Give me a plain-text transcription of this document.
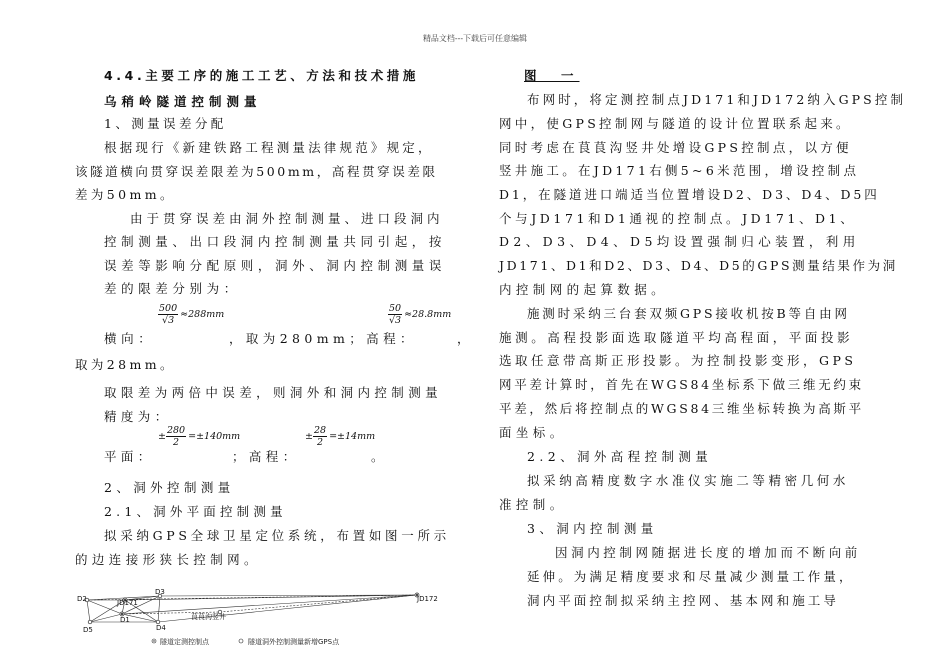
精品文档---下载后可任意编辑
4.4.主要工序的施工工艺、方法和技术措施
乌稍岭隧道控制测量
1、测量误差分配
根据现行《新建铁路工程测量法律规范》规定，
该隧道横向贯穿误差限差为500mm，高程贯穿误差限
差为50mm。
由于贯穿误差由洞外控制测量、进口段洞内
控制测量、出口段洞内控制测量共同引起，按
误差等影响分配原则，洞外、洞内控制测量误
差的限差分别为：
$\frac{500}{√3} \approx 288mm$	$\frac{50}{√3} \approx 28.8mm$
横向：	，取为280mm；高程：	，
取为28mm。
取限差为两倍中误差，则洞外和洞内控制测量
精度为：
± $\frac{280}{2} =\pm 140mm$	± $\frac{28}{2} =\pm 14mm$
平面：	；高程：	。
2、洞外控制测量
2.1、洞外平面控制测量
拟采纳GPS全球卫星定位系统，布置如图一所示
的边连接形狭长控制网。
D2	JD171
D3
D1
D5	D4
JD172
茛茛沟竖井
隧道定测控制点	隧道洞外控制测量新增GPS点
图　一
布网时，将定测控制点JD171和JD172纳入GPS控制
网中，使GPS控制网与隧道的设计位置联系起来。
同时考虑在茛茛沟竖井处增设GPS控制点，以方便
竖井施工。在JD171右侧5~6米范围，增设控制点
D1，在隧道进口端适当位置增设D2、D3、D4、D5四
个与JD171和D1通视的控制点。JD171、D1、
D2、D3、D4、D5均设置强制归心装置，利用
JD171、D1和D2、D3、D4、D5的GPS测量结果作为洞
内控制网的起算数据。
施测时采纳三台套双频GPS接收机按B等自由网
施测。高程投影面选取隧道平均高程面，平面投影
选取任意带高斯正形投影。为控制投影变形，GPS
网平差计算时，首先在WGS84坐标系下做三维无约束
平差，然后将控制点的WGS84三维坐标转换为高斯平
面坐标。
2.2、洞外高程控制测量
拟采纳高精度数字水准仪实施二等精密几何水
准控制。
3、洞内控制测量
因洞内控制网随据进长度的增加而不断向前
延伸。为满足精度要求和尽量减少测量工作量，
洞内平面控制拟采纳主控网、基本网和施工导
